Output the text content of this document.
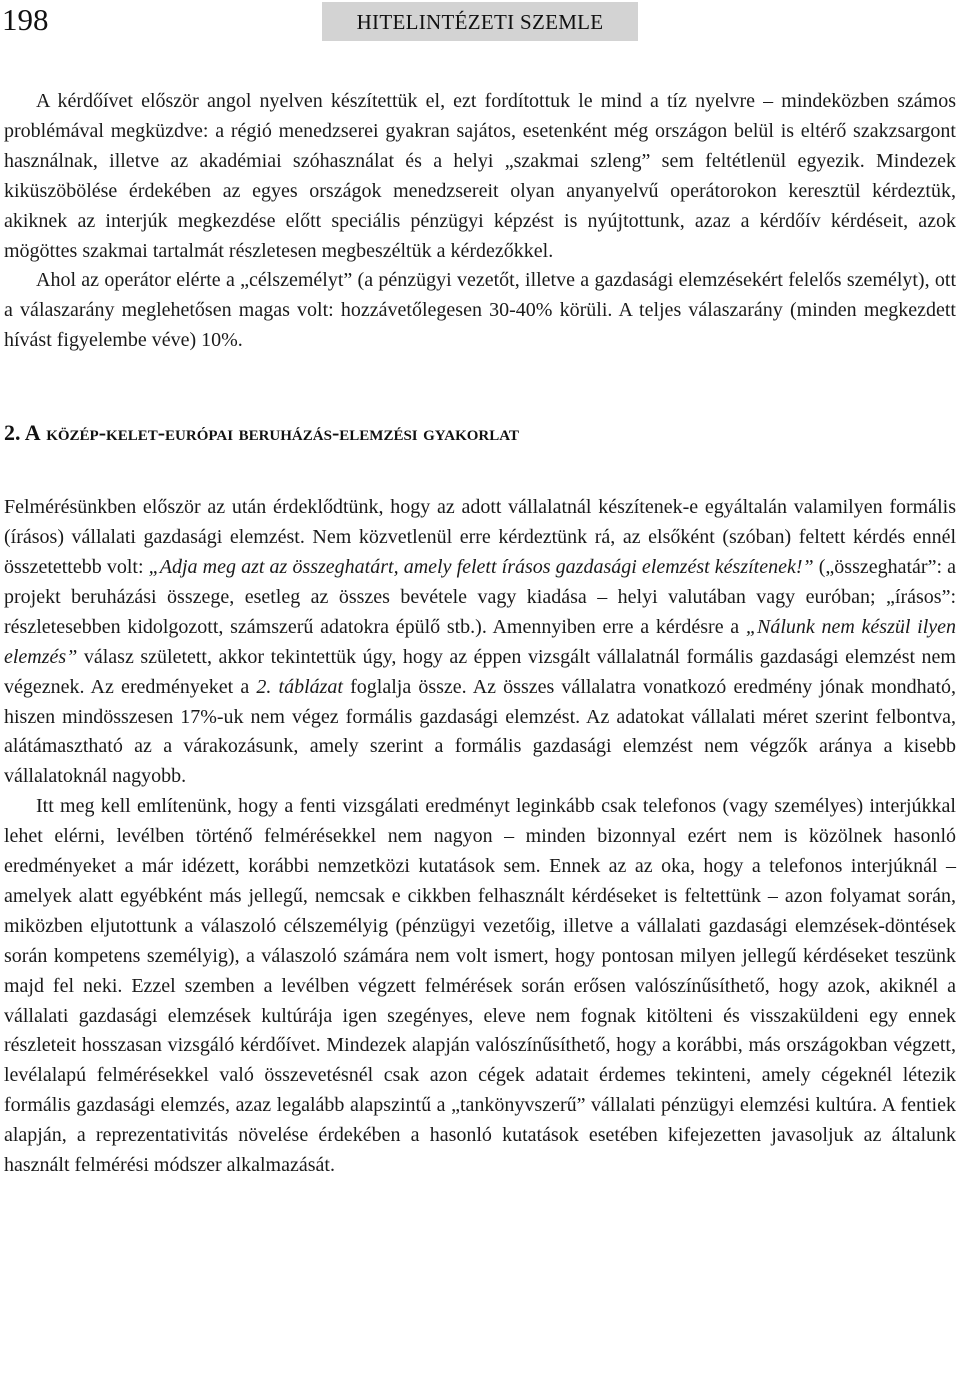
198	HITELINTÉZETI SZEMLE

A kérdőívet először angol nyelven készítettük el, ezt fordítottuk le mind a tíz nyelvre – mindeközben számos problémával megküzdve: a régió menedzserei gyakran sajátos, esetenként még országon belül is eltérő szakzsargont használnak, illetve az akadémiai szóhasználat és a helyi „szakmai szleng” sem feltétlenül egyezik. Mindezek kiküszöbölése érdekében az egyes országok menedzsereit olyan anyanyelvű operátorokon keresztül kérdeztük, akiknek az interjúk megkezdése előtt speciális pénzügyi képzést is nyújtottunk, azaz a kérdőív kérdéseit, azok mögöttes szakmai tartalmát részletesen megbeszéltük a kérdezőkkel.

Ahol az operátor elérte a „célszemélyt” (a pénzügyi vezetőt, illetve a gazdasági elemzésekért felelős személyt), ott a válaszarány meglehetősen magas volt: hozzávetőlegesen 30-40% körüli. A teljes válaszarány (minden megkezdett hívást figyelembe véve) 10%.

2. A közép-kelet-európai beruházás-elemzési gyakorlat

Felmérésünkben először az után érdeklődtünk, hogy az adott vállalatnál készítenek-e egyáltalán valamilyen formális (írásos) vállalati gazdasági elemzést. Nem közvetlenül erre kérdeztünk rá, az elsőként (szóban) feltett kérdés ennél összetettebb volt: „Adja meg azt az összeghatárt, amely felett írásos gazdasági elemzést készítenek!” („összeghatár”: a projekt beruházási összege, esetleg az összes bevétele vagy kiadása – helyi valutában vagy euróban; „írásos”: részletesebben kidolgozott, számszerű adatokra épülő stb.). Amennyiben erre a kérdésre a „Nálunk nem készül ilyen elemzés” válasz született, akkor tekintettük úgy, hogy az éppen vizsgált vállalatnál formális gazdasági elemzést nem végeznek. Az eredményeket a 2. táblázat foglalja össze. Az összes vállalatra vonatkozó eredmény jónak mondható, hiszen mindösszesen 17%-uk nem végez formális gazdasági elemzést. Az adatokat vállalati méret szerint felbontva, alátámasztható az a várakozásunk, amely szerint a formális gazdasági elemzést nem végzők aránya a kisebb vállalatoknál nagyobb.

Itt meg kell említenünk, hogy a fenti vizsgálati eredményt leginkább csak telefonos (vagy személyes) interjúkkal lehet elérni, levélben történő felmérésekkel nem nagyon – minden bizonnyal ezért nem is közölnek hasonló eredményeket a már idézett, korábbi nemzetközi kutatások sem. Ennek az az oka, hogy a telefonos interjúknál – amelyek alatt egyébként más jellegű, nemcsak e cikkben felhasznált kérdéseket is feltettünk – azon folyamat során, miközben eljutottunk a válaszoló célszemélyig (pénzügyi vezetőig, illetve a vállalati gazdasági elemzések-döntések során kompetens személyig), a válaszoló számára nem volt ismert, hogy pontosan milyen jellegű kérdéseket teszünk majd fel neki. Ezzel szemben a levélben végzett felmérések során erősen valószínűsíthető, hogy azok, akiknél a vállalati gazdasági elemzések kultúrája igen szegényes, eleve nem fognak kitölteni és visszaküldeni egy ennek részleteit hosszasan vizsgáló kérdőívet. Mindezek alapján valószínűsíthető, hogy a korábbi, más országokban végzett, levélalapú felmérésekkel való összevetésnél csak azon cégek adatait érdemes tekinteni, amely cégeknél létezik formális gazdasági elemzés, azaz legalább alapszintű a „tankönyvszerű” vállalati pénzügyi elemzési kultúra. A fentiek alapján, a reprezentativitás növelése érdekében a hasonló kutatások esetében kifejezetten javasoljuk az általunk használt felmérési módszer alkalmazását.
